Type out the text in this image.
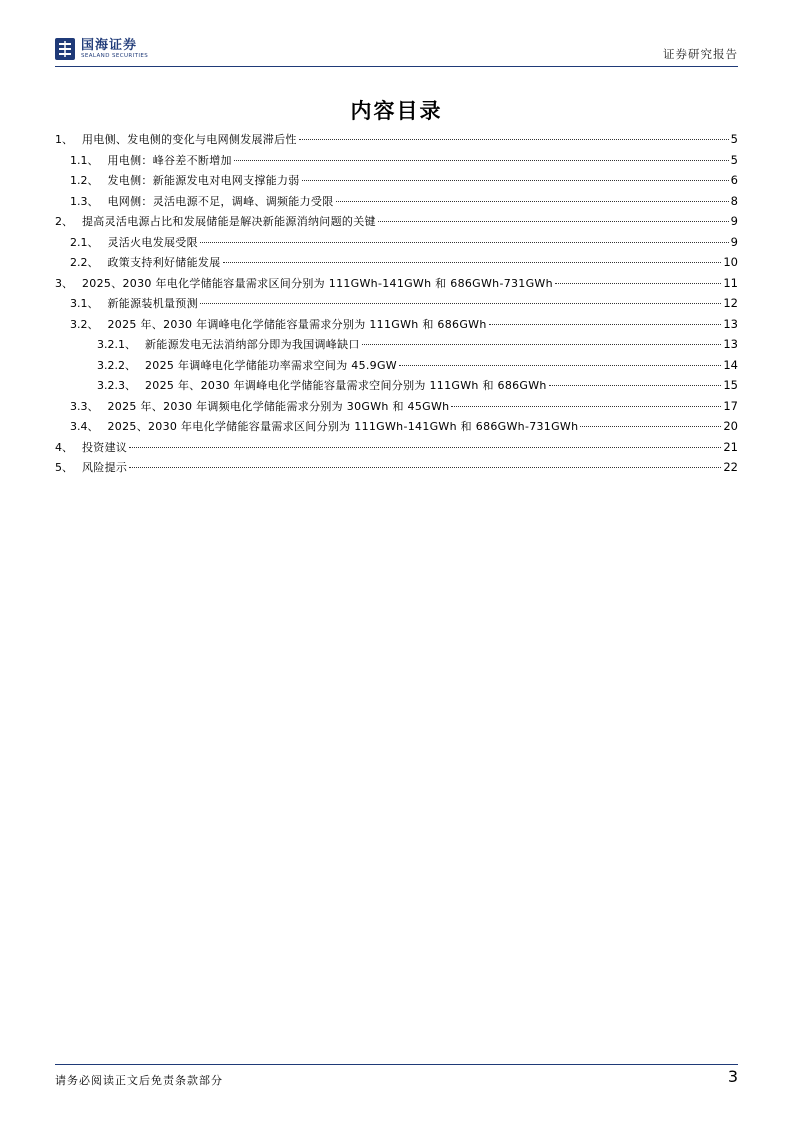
国海证券
SEALAND SECURITIES	证券研究报告
内容目录
1、 用电侧、发电侧的变化与电网侧发展滞后性	5
1.1、 用电侧：峰谷差不断增加	5
1.2、 发电侧：新能源发电对电网支撑能力弱	6
1.3、 电网侧：灵活电源不足，调峰、调频能力受限	8
2、 提高灵活电源占比和发展储能是解决新能源消纳问题的关键	9
2.1、 灵活火电发展受限	9
2.2、 政策支持利好储能发展	10
3、 2025、2030 年电化学储能容量需求区间分别为 111GWh-141GWh 和 686GWh-731GWh	11
3.1、 新能源装机量预测	12
3.2、 2025 年、2030 年调峰电化学储能容量需求分别为 111GWh 和 686GWh	13
3.2.1、 新能源发电无法消纳部分即为我国调峰缺口	13
3.2.2、 2025 年调峰电化学储能功率需求空间为 45.9GW	14
3.2.3、 2025 年、2030 年调峰电化学储能容量需求空间分别为 111GWh 和 686GWh	15
3.3、 2025 年、2030 年调频电化学储能需求分别为 30GWh 和 45GWh	17
3.4、 2025、2030 年电化学储能容量需求区间分别为 111GWh-141GWh 和 686GWh-731GWh	20
4、 投资建议	21
5、 风险提示	22
请务必阅读正文后免责条款部分	3
